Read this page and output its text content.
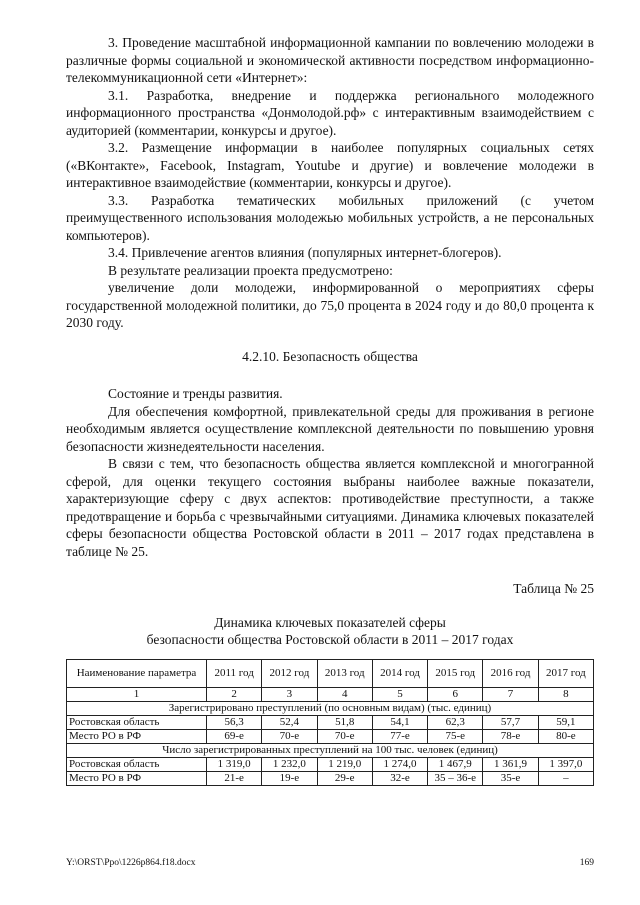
3. Проведение масштабной информационной кампании по вовлечению молодежи в различные формы социальной и экономической активности посредством информационно-телекоммуникационной сети «Интернет»:

3.1. Разработка, внедрение и поддержка регионального молодежного информационного пространства «Донмолодой.рф» с интерактивным взаимодействием с аудиторией (комментарии, конкурсы и другое).

3.2. Размещение информации в наиболее популярных социальных сетях («ВКонтакте», Facebook, Instagram, Youtube и другие) и вовлечение молодежи в интерактивное взаимодействие (комментарии, конкурсы и другое).

3.3. Разработка тематических мобильных приложений (с учетом преимущественного использования молодежью мобильных устройств, а не персональных компьютеров).

3.4. Привлечение агентов влияния (популярных интернет-блогеров).

В результате реализации проекта предусмотрено:

увеличение доли молодежи, информированной о мероприятиях сферы государственной молодежной политики, до 75,0 процента в 2024 году и до 80,0 процента к 2030 году.

4.2.10. Безопасность общества

Состояние и тренды развития.

Для обеспечения комфортной, привлекательной среды для проживания в регионе необходимым является осуществление комплексной деятельности по повышению уровня безопасности жизнедеятельности населения.

В связи с тем, что безопасность общества является комплексной и многогранной сферой, для оценки текущего состояния выбраны наиболее важные показатели, характеризующие сферу с двух аспектов: противодействие преступности, а также предотвращение и борьба с чрезвычайными ситуациями. Динамика ключевых показателей сферы безопасности общества Ростовской области в 2011 – 2017 годах представлена в таблице № 25.

Таблица № 25

Динамика ключевых показателей сферы

безопасности общества Ростовской области в 2011 – 2017 годах

Наименование параметра	2011 год	2012 год	2013 год	2014 год	2015 год	2016 год	2017 год
1	2	3	4	5	6	7	8
Зарегистрировано преступлений (по основным видам) (тыс. единиц)							
Ростовская область	56,3	52,4	51,8	54,1	62,3	57,7	59,1
Место РО в РФ	69-е	70-е	70-е	77-е	75-е	78-е	80-е
Число зарегистрированных преступлений на 100 тыс. человек (единиц)							
Ростовская область	1 319,0	1 232,0	1 219,0	1 274,0	1 467,9	1 361,9	1 397,0
Место РО в РФ	21-е	19-е	29-е	32-е	35 – 36-е	35-е	–
Y:\ORST\Ppo\1226p864.f18.docx	169
